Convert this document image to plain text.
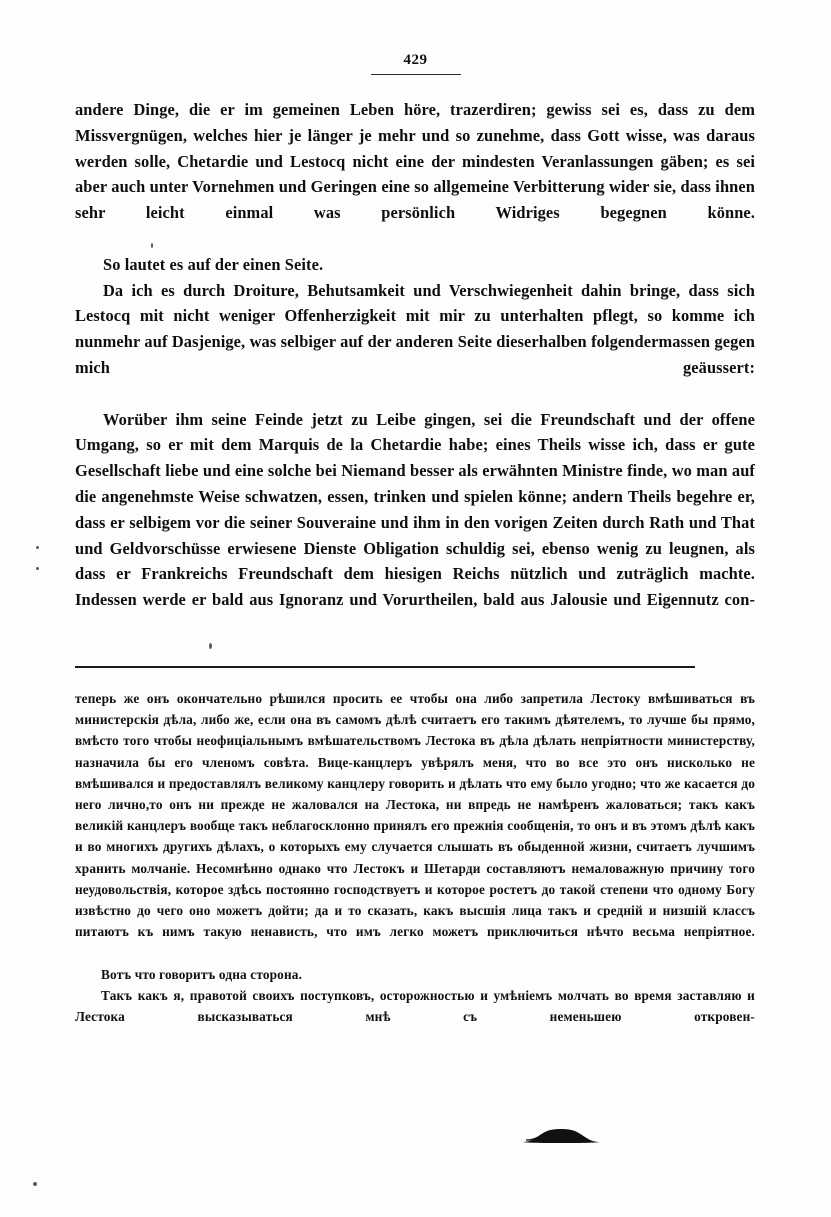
429

andere Dinge, die er im gemeinen Leben höre, trazerdiren; gewiss sei es, dass zu dem Missvergnügen, welches hier je länger je mehr und so zunehme, dass Gott wisse, was daraus werden solle, Chetardie und Lestocq nicht eine der mindesten Veranlassungen gäben; es sei aber auch unter Vornehmen und Geringen eine so allgemeine Verbitterung wider sie, dass ihnen sehr leicht einmal was persönlich Widriges begegnen könne.

So lautet es auf der einen Seite.

Da ich es durch Droiture, Behutsamkeit und Verschwiegenheit dahin bringe, dass sich Lestocq mit nicht weniger Offenherzigkeit mit mir zu unterhalten pflegt, so komme ich nunmehr auf Dasjenige, was selbiger auf der anderen Seite dieserhalben folgendermassen gegen mich geäussert:

Worüber ihm seine Feinde jetzt zu Leibe gingen, sei die Freundschaft und der offene Umgang, so er mit dem Marquis de la Chetardie habe; eines Theils wisse ich, dass er gute Gesellschaft liebe und eine solche bei Niemand besser als erwähnten Ministre finde, wo man auf die angenehmste Weise schwatzen, essen, trinken und spielen könne; andern Theils begehre er, dass er selbigem vor die seiner Souveraine und ihm in den vorigen Zeiten durch Rath und That und Geldvorschüsse erwiesene Dienste Obligation schuldig sei, ebenso wenig zu leugnen, als dass er Frankreichs Freundschaft dem hiesigen Reichs nützlich und zuträglich machte. Indessen werde er bald aus Ignoranz und Vorurtheilen, bald aus Jalousie und Eigennutz con-

теперь же онъ окончательно рѣшился просить ее чтобы она либо запретила Лестоку вмѣшиваться въ министерскія дѣла, либо же, если она въ самомъ дѣлѣ считаетъ его такимъ дѣятелемъ, то лучше бы прямо, вмѣсто того чтобы неофиціальнымъ вмѣшательствомъ Лестока въ дѣла дѣлать непріятности министерству, назначила бы его членомъ совѣта. Вице-канцлеръ увѣрялъ меня, что во все это онъ нисколько не вмѣшивался и предоставлялъ великому канцлеру говорить и дѣлать что ему было угодно; что же касается до него лично,то онъ ни прежде не жаловался на Лестока, ни впредь не намѣренъ жаловаться; такъ какъ великій канцлеръ вообще такъ неблагосклонно принялъ его прежнія сообщенія, то онъ и въ этомъ дѣлѣ какъ и во многихъ другихъ дѣлахъ, о которыхъ ему случается слышать въ обыденной жизни, считаетъ лучшимъ хранить молчаніе. Несомнѣнно однако что Лестокъ и Шетарди составляютъ немаловажную причину того неудовольствія, которое здѣсь постоянно господствуетъ и которое ростетъ до такой степени что одному Богу извѣстно до чего оно можетъ дойти; да и то сказать, какъ высшія лица такъ и средній и низшій классъ питаютъ къ нимъ такую ненависть, что имъ легко можетъ приключиться нѣчто весьма непріятное.

Вотъ что говоритъ одна сторона.

Такъ какъ я, правотой своихъ поступковъ, осторожностью и умѣніемъ молчать во время заставляю и Лестока высказываться мнѣ съ неменьшею откровен-
